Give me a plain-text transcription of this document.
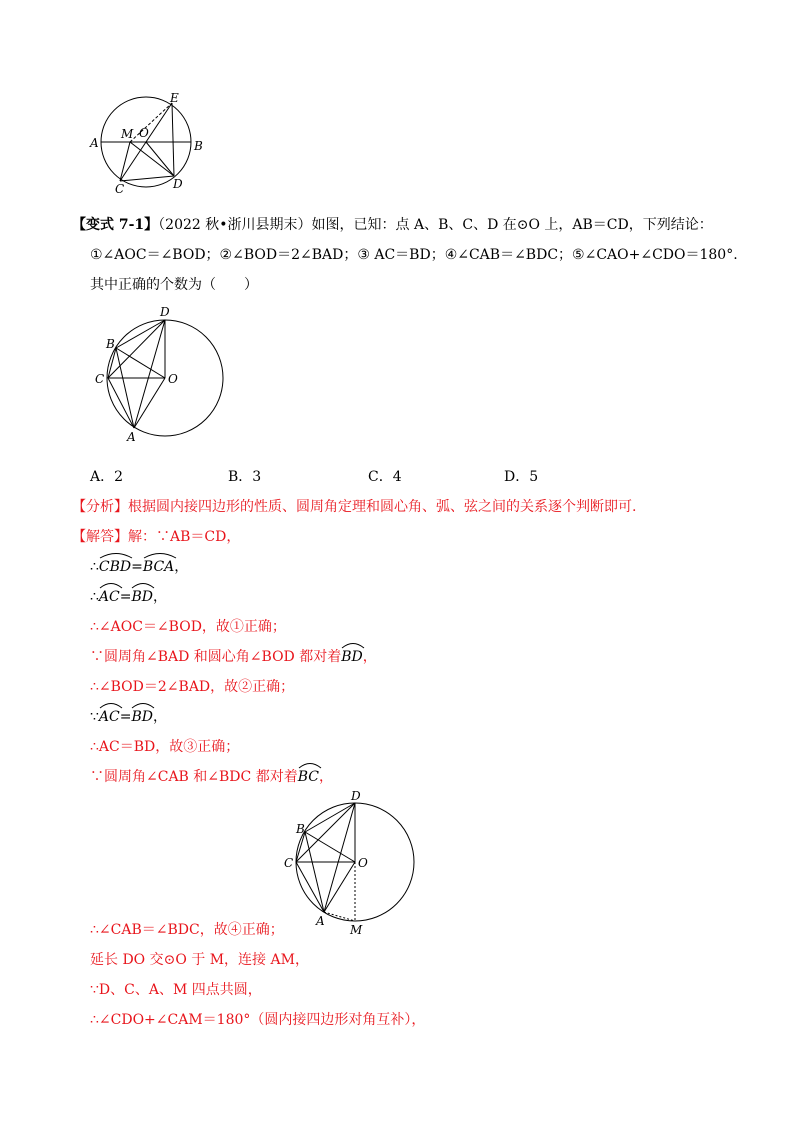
E
A
M O
B
C	D
【变式 7-1】（2022 秋•浙川县期末）如图，已知：点 A、B、C、D 在⊙O 上，AB＝CD，下列结论：
①∠AOC＝∠BOD；②∠BOD＝2∠BAD；③ AC＝BD；④∠CAB＝∠BDC；⑤∠CAO+∠CDO＝180°.
其中正确的个数为（　　）
D
B
C	O
A
A．2	B．3	C．4	D．5
【分析】根据圆内接四边形的性质、圆周角定理和圆心角、弧、弦之间的关系逐个判断即可.
【解答】解：∵AB＝CD，
∴
CBD=
BCA，
∴
AC=
BD，
∴∠AOC＝∠BOD，故①正确；
∵圆周角∠BAD 和圆心角∠BOD 都对着
BD，
∴∠BOD＝2∠BAD，故②正确；
∵
AC=
BD，
∴AC＝BD，故③正确；
∵圆周角∠CAB 和∠BDC 都对着
BC，
D
B
C	O
A
M
∴∠CAB＝∠BDC，故④正确；
延长 DO 交⊙O 于 M，连接 AM，
∵D、C、A、M 四点共圆，
∴∠CDO+∠CAM＝180°（圆内接四边形对角互补），
